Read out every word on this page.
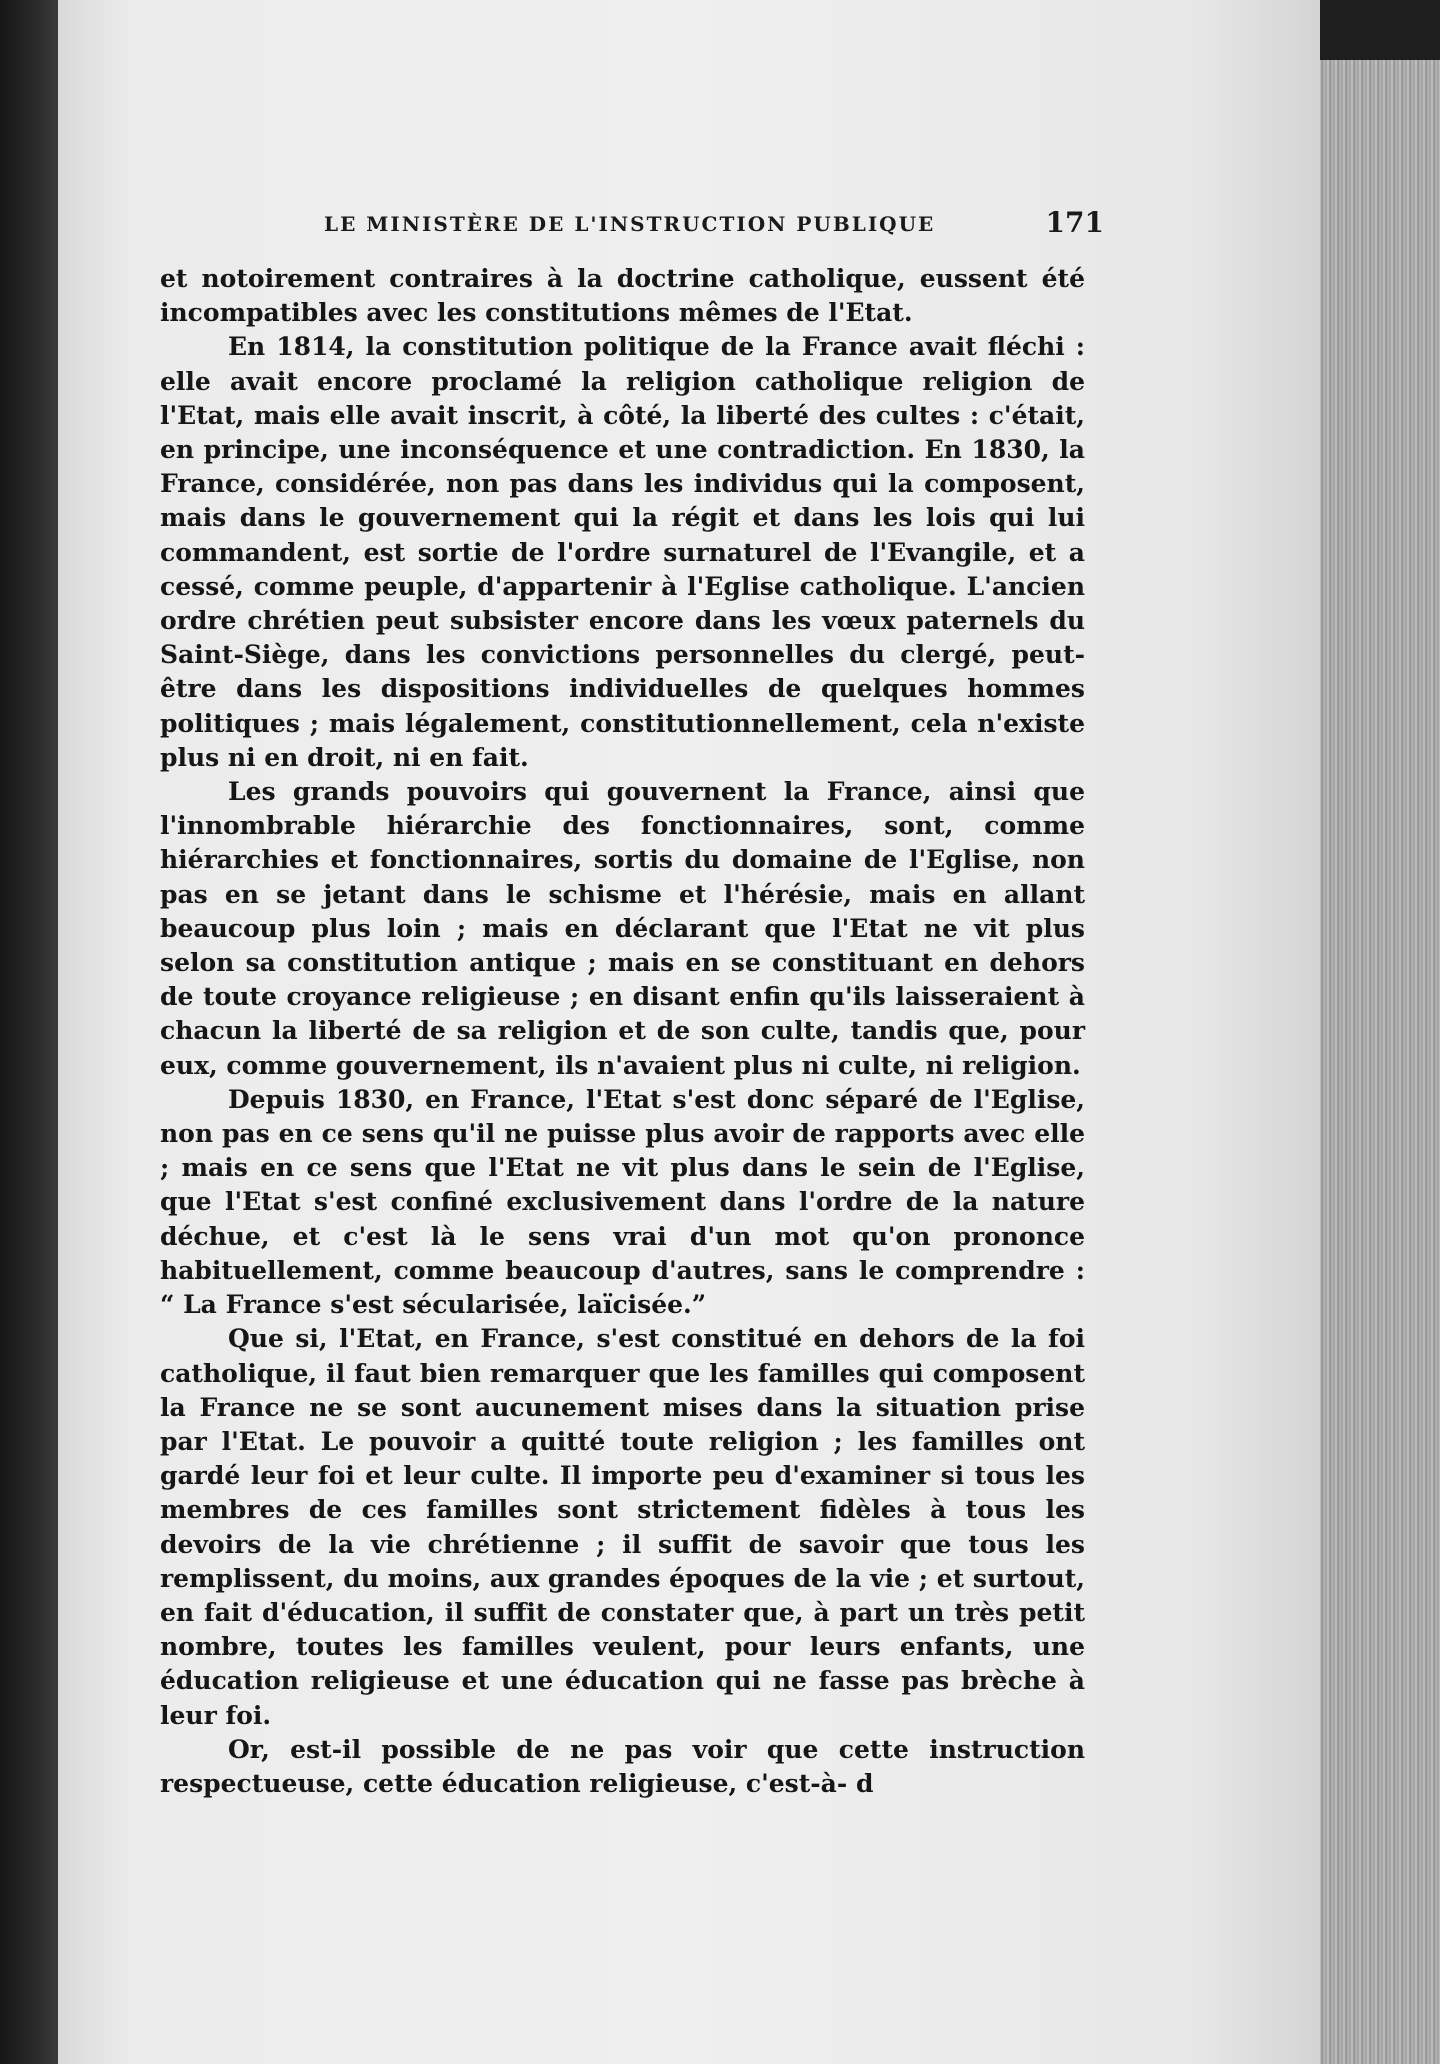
LE MINISTÈRE DE L'INSTRUCTION PUBLIQUE	171

et notoirement contraires à la doctrine catholique, eussent été incompatibles avec les constitutions mêmes de l'Etat.

En 1814, la constitution politique de la France avait fléchi : elle avait encore proclamé la religion catholique religion de l'Etat, mais elle avait inscrit, à côté, la liberté des cultes : c'était, en principe, une inconséquence et une contradiction. En 1830, la France, considérée, non pas dans les individus qui la composent, mais dans le gouvernement qui la régit et dans les lois qui lui commandent, est sortie de l'ordre surnaturel de l'Evangile, et a cessé, comme peuple, d'appartenir à l'Eglise catholique. L'ancien ordre chrétien peut subsister encore dans les vœux paternels du Saint-Siège, dans les convictions personnelles du clergé, peut-être dans les dispositions individuelles de quelques hommes politiques ; mais légalement, constitutionnellement, cela n'existe plus ni en droit, ni en fait.

Les grands pouvoirs qui gouvernent la France, ainsi que l'innombrable hiérarchie des fonctionnaires, sont, comme hiérarchies et fonctionnaires, sortis du domaine de l'Eglise, non pas en se jetant dans le schisme et l'hérésie, mais en allant beaucoup plus loin ; mais en déclarant que l'Etat ne vit plus selon sa constitution antique ; mais en se constituant en dehors de toute croyance religieuse ; en disant enfin qu'ils laisseraient à chacun la liberté de sa religion et de son culte, tandis que, pour eux, comme gouvernement, ils n'avaient plus ni culte, ni religion.

Depuis 1830, en France, l'Etat s'est donc séparé de l'Eglise, non pas en ce sens qu'il ne puisse plus avoir de rapports avec elle ; mais en ce sens que l'Etat ne vit plus dans le sein de l'Eglise, que l'Etat s'est confiné exclusivement dans l'ordre de la nature déchue, et c'est là le sens vrai d'un mot qu'on prononce habituellement, comme beaucoup d'autres, sans le comprendre : “ La France s'est sécularisée, laïcisée.”

Que si, l'Etat, en France, s'est constitué en dehors de la foi catholique, il faut bien remarquer que les familles qui composent la France ne se sont aucunement mises dans la situation prise par l'Etat. Le pouvoir a quitté toute religion ; les familles ont gardé leur foi et leur culte. Il importe peu d'examiner si tous les membres de ces familles sont strictement fidèles à tous les devoirs de la vie chrétienne ; il suffit de savoir que tous les remplissent, du moins, aux grandes époques de la vie ; et surtout, en fait d'éducation, il suffit de constater que, à part un très petit nombre, toutes les familles veulent, pour leurs enfants, une éducation religieuse et une éducation qui ne fasse pas brèche à leur foi.

Or, est-il possible de ne pas voir que cette instruction respectueuse, cette éducation religieuse, c'est-à- d
